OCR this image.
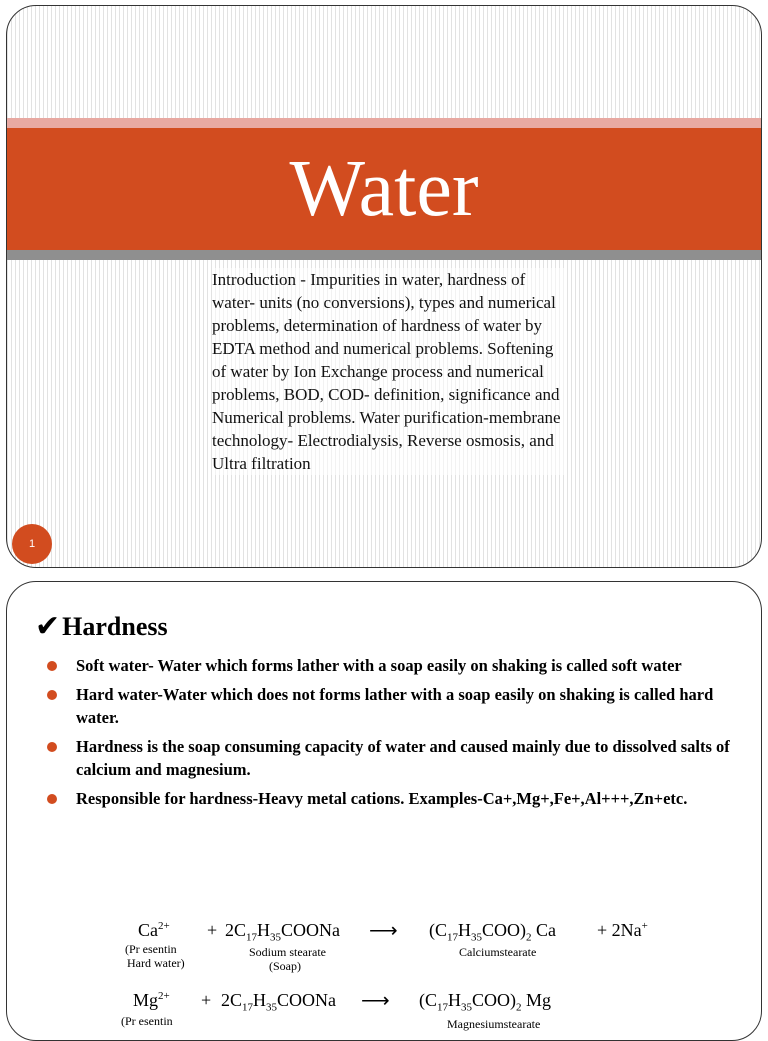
Water
Introduction - Impurities in water, hardness of water- units (no conversions), types and numerical problems, determination of hardness of water by EDTA method and numerical problems. Softening of water by Ion Exchange process and numerical problems, BOD, COD- definition, significance and Numerical problems. Water purification-membrane technology- Electrodialysis, Reverse osmosis, and Ultra filtration
1
✔ Hardness
Soft water- Water which forms lather with a soap easily on shaking is called soft water
Hard water-Water which does not forms lather with a soap easily on shaking is called hard water.
Hardness is the soap consuming capacity of water and caused mainly due to dissolved salts of calcium and magnesium.
Responsible for hardness-Heavy metal cations. Examples-Ca+,Mg+,Fe+,Al+++,Zn+etc.
$Ca^{2+}$
(Pr esentin
Hard water)
+ $2C_{17}H_{35}COONa$
Sodium stearate
(Soap)
⟶ $(C_{17}H_{35}COO)_2$ Ca
Calciumstearate
+ 2Na+
$Mg^{2+}$
(Pr esentin
+ $2C_{17}H_{35}COONa$ ⟶ $(C_{17}H_{35}COO)_2$ Mg
Magnesiumstearate
